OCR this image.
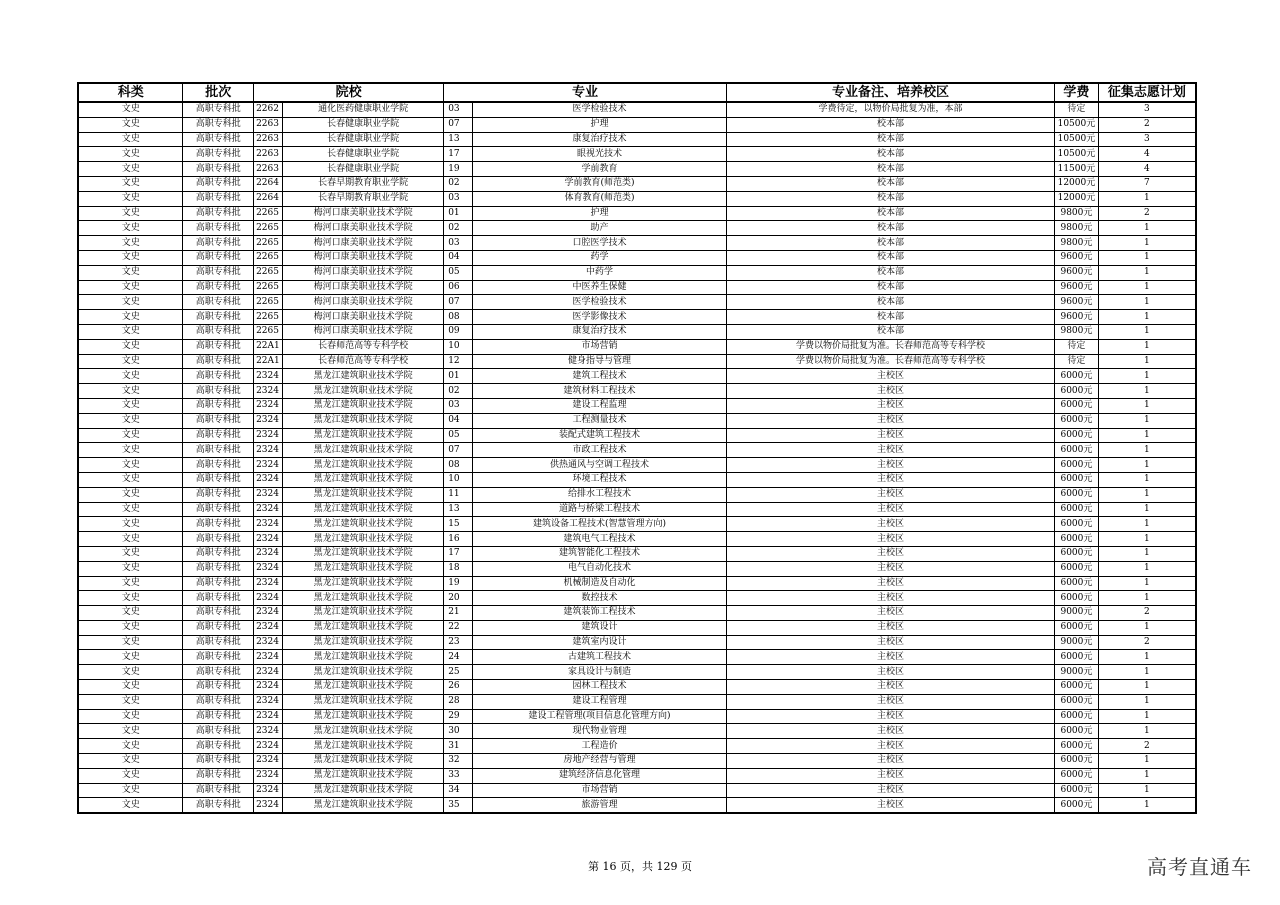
科类	批次	院校		专业		专业备注、培养校区	学费	征集志愿计划
文史	高职专科批	2262	通化医药健康职业学院	03	医学检验技术	学费待定，以物价局批复为准，本部	待定	3
文史	高职专科批	2263	长春健康职业学院	07	护理	校本部	10500元	2
文史	高职专科批	2263	长春健康职业学院	13	康复治疗技术	校本部	10500元	3
文史	高职专科批	2263	长春健康职业学院	17	眼视光技术	校本部	10500元	4
文史	高职专科批	2263	长春健康职业学院	19	学前教育	校本部	11500元	4
文史	高职专科批	2264	长春早期教育职业学院	02	学前教育(师范类)	校本部	12000元	7
文史	高职专科批	2264	长春早期教育职业学院	03	体育教育(师范类)	校本部	12000元	1
文史	高职专科批	2265	梅河口康美职业技术学院	01	护理	校本部	9800元	2
文史	高职专科批	2265	梅河口康美职业技术学院	02	助产	校本部	9800元	1
文史	高职专科批	2265	梅河口康美职业技术学院	03	口腔医学技术	校本部	9800元	1
文史	高职专科批	2265	梅河口康美职业技术学院	04	药学	校本部	9600元	1
文史	高职专科批	2265	梅河口康美职业技术学院	05	中药学	校本部	9600元	1
文史	高职专科批	2265	梅河口康美职业技术学院	06	中医养生保健	校本部	9600元	1
文史	高职专科批	2265	梅河口康美职业技术学院	07	医学检验技术	校本部	9600元	1
文史	高职专科批	2265	梅河口康美职业技术学院	08	医学影像技术	校本部	9600元	1
文史	高职专科批	2265	梅河口康美职业技术学院	09	康复治疗技术	校本部	9800元	1
文史	高职专科批	22A1	长春师范高等专科学校	10	市场营销	学费以物价局批复为准。长春师范高等专科学校	待定	1
文史	高职专科批	22A1	长春师范高等专科学校	12	健身指导与管理	学费以物价局批复为准。长春师范高等专科学校	待定	1
文史	高职专科批	2324	黑龙江建筑职业技术学院	01	建筑工程技术	主校区	6000元	1
文史	高职专科批	2324	黑龙江建筑职业技术学院	02	建筑材料工程技术	主校区	6000元	1
文史	高职专科批	2324	黑龙江建筑职业技术学院	03	建设工程监理	主校区	6000元	1
文史	高职专科批	2324	黑龙江建筑职业技术学院	04	工程测量技术	主校区	6000元	1
文史	高职专科批	2324	黑龙江建筑职业技术学院	05	装配式建筑工程技术	主校区	6000元	1
文史	高职专科批	2324	黑龙江建筑职业技术学院	07	市政工程技术	主校区	6000元	1
文史	高职专科批	2324	黑龙江建筑职业技术学院	08	供热通风与空调工程技术	主校区	6000元	1
文史	高职专科批	2324	黑龙江建筑职业技术学院	10	环境工程技术	主校区	6000元	1
文史	高职专科批	2324	黑龙江建筑职业技术学院	11	给排水工程技术	主校区	6000元	1
文史	高职专科批	2324	黑龙江建筑职业技术学院	13	道路与桥梁工程技术	主校区	6000元	1
文史	高职专科批	2324	黑龙江建筑职业技术学院	15	建筑设备工程技术(智慧管理方向)	主校区	6000元	1
文史	高职专科批	2324	黑龙江建筑职业技术学院	16	建筑电气工程技术	主校区	6000元	1
文史	高职专科批	2324	黑龙江建筑职业技术学院	17	建筑智能化工程技术	主校区	6000元	1
文史	高职专科批	2324	黑龙江建筑职业技术学院	18	电气自动化技术	主校区	6000元	1
文史	高职专科批	2324	黑龙江建筑职业技术学院	19	机械制造及自动化	主校区	6000元	1
文史	高职专科批	2324	黑龙江建筑职业技术学院	20	数控技术	主校区	6000元	1
文史	高职专科批	2324	黑龙江建筑职业技术学院	21	建筑装饰工程技术	主校区	9000元	2
文史	高职专科批	2324	黑龙江建筑职业技术学院	22	建筑设计	主校区	6000元	1
文史	高职专科批	2324	黑龙江建筑职业技术学院	23	建筑室内设计	主校区	9000元	2
文史	高职专科批	2324	黑龙江建筑职业技术学院	24	古建筑工程技术	主校区	6000元	1
文史	高职专科批	2324	黑龙江建筑职业技术学院	25	家具设计与制造	主校区	9000元	1
文史	高职专科批	2324	黑龙江建筑职业技术学院	26	园林工程技术	主校区	6000元	1
文史	高职专科批	2324	黑龙江建筑职业技术学院	28	建设工程管理	主校区	6000元	1
文史	高职专科批	2324	黑龙江建筑职业技术学院	29	建设工程管理(项目信息化管理方向)	主校区	6000元	1
文史	高职专科批	2324	黑龙江建筑职业技术学院	30	现代物业管理	主校区	6000元	1
文史	高职专科批	2324	黑龙江建筑职业技术学院	31	工程造价	主校区	6000元	2
文史	高职专科批	2324	黑龙江建筑职业技术学院	32	房地产经营与管理	主校区	6000元	1
文史	高职专科批	2324	黑龙江建筑职业技术学院	33	建筑经济信息化管理	主校区	6000元	1
文史	高职专科批	2324	黑龙江建筑职业技术学院	34	市场营销	主校区	6000元	1
文史	高职专科批	2324	黑龙江建筑职业技术学院	35	旅游管理	主校区	6000元	1
第 16 页，共 129 页	高考直通车
